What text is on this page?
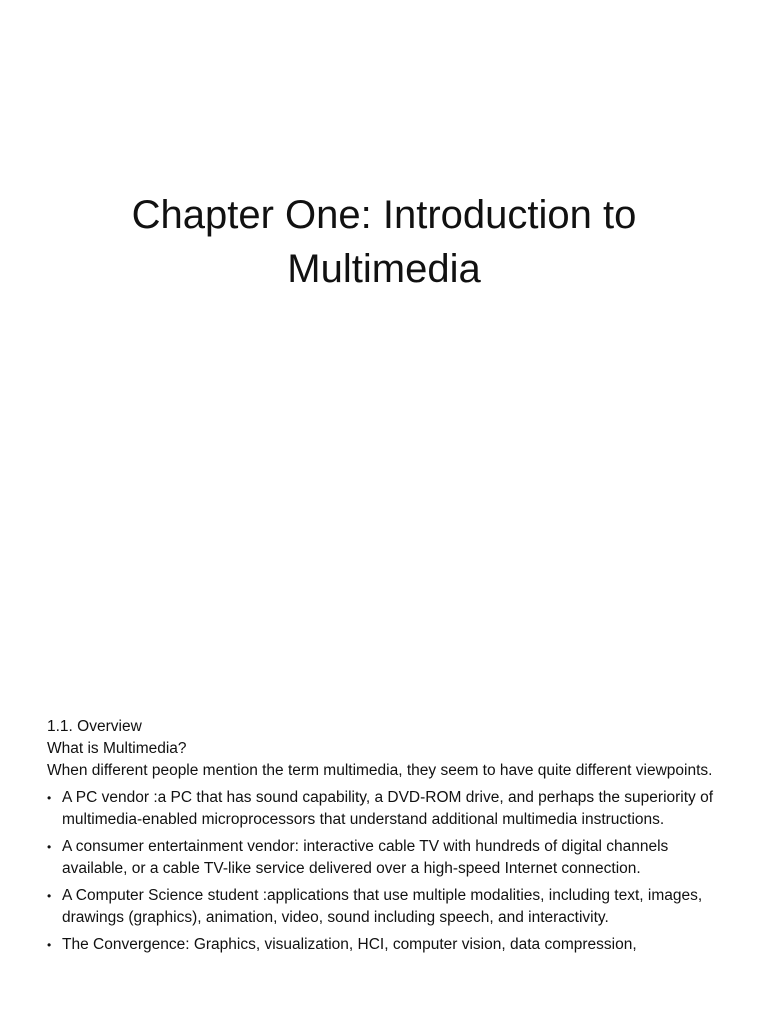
Chapter One: Introduction to
Multimedia

1.1. Overview

What is Multimedia?

When different people mention the term multimedia, they seem to have quite different viewpoints.

• A PC vendor :a PC that has sound capability, a DVD-ROM drive, and perhaps the superiority of multimedia-enabled microprocessors that understand additional multimedia instructions.
• A consumer entertainment vendor: interactive cable TV with hundreds of digital channels available, or a cable TV-like service delivered over a high-speed Internet connection.
• A Computer Science student :applications that use multiple modalities, including text, images, drawings (graphics), animation, video, sound including speech, and interactivity.
• The Convergence: Graphics, visualization, HCI, computer vision, data compression,
